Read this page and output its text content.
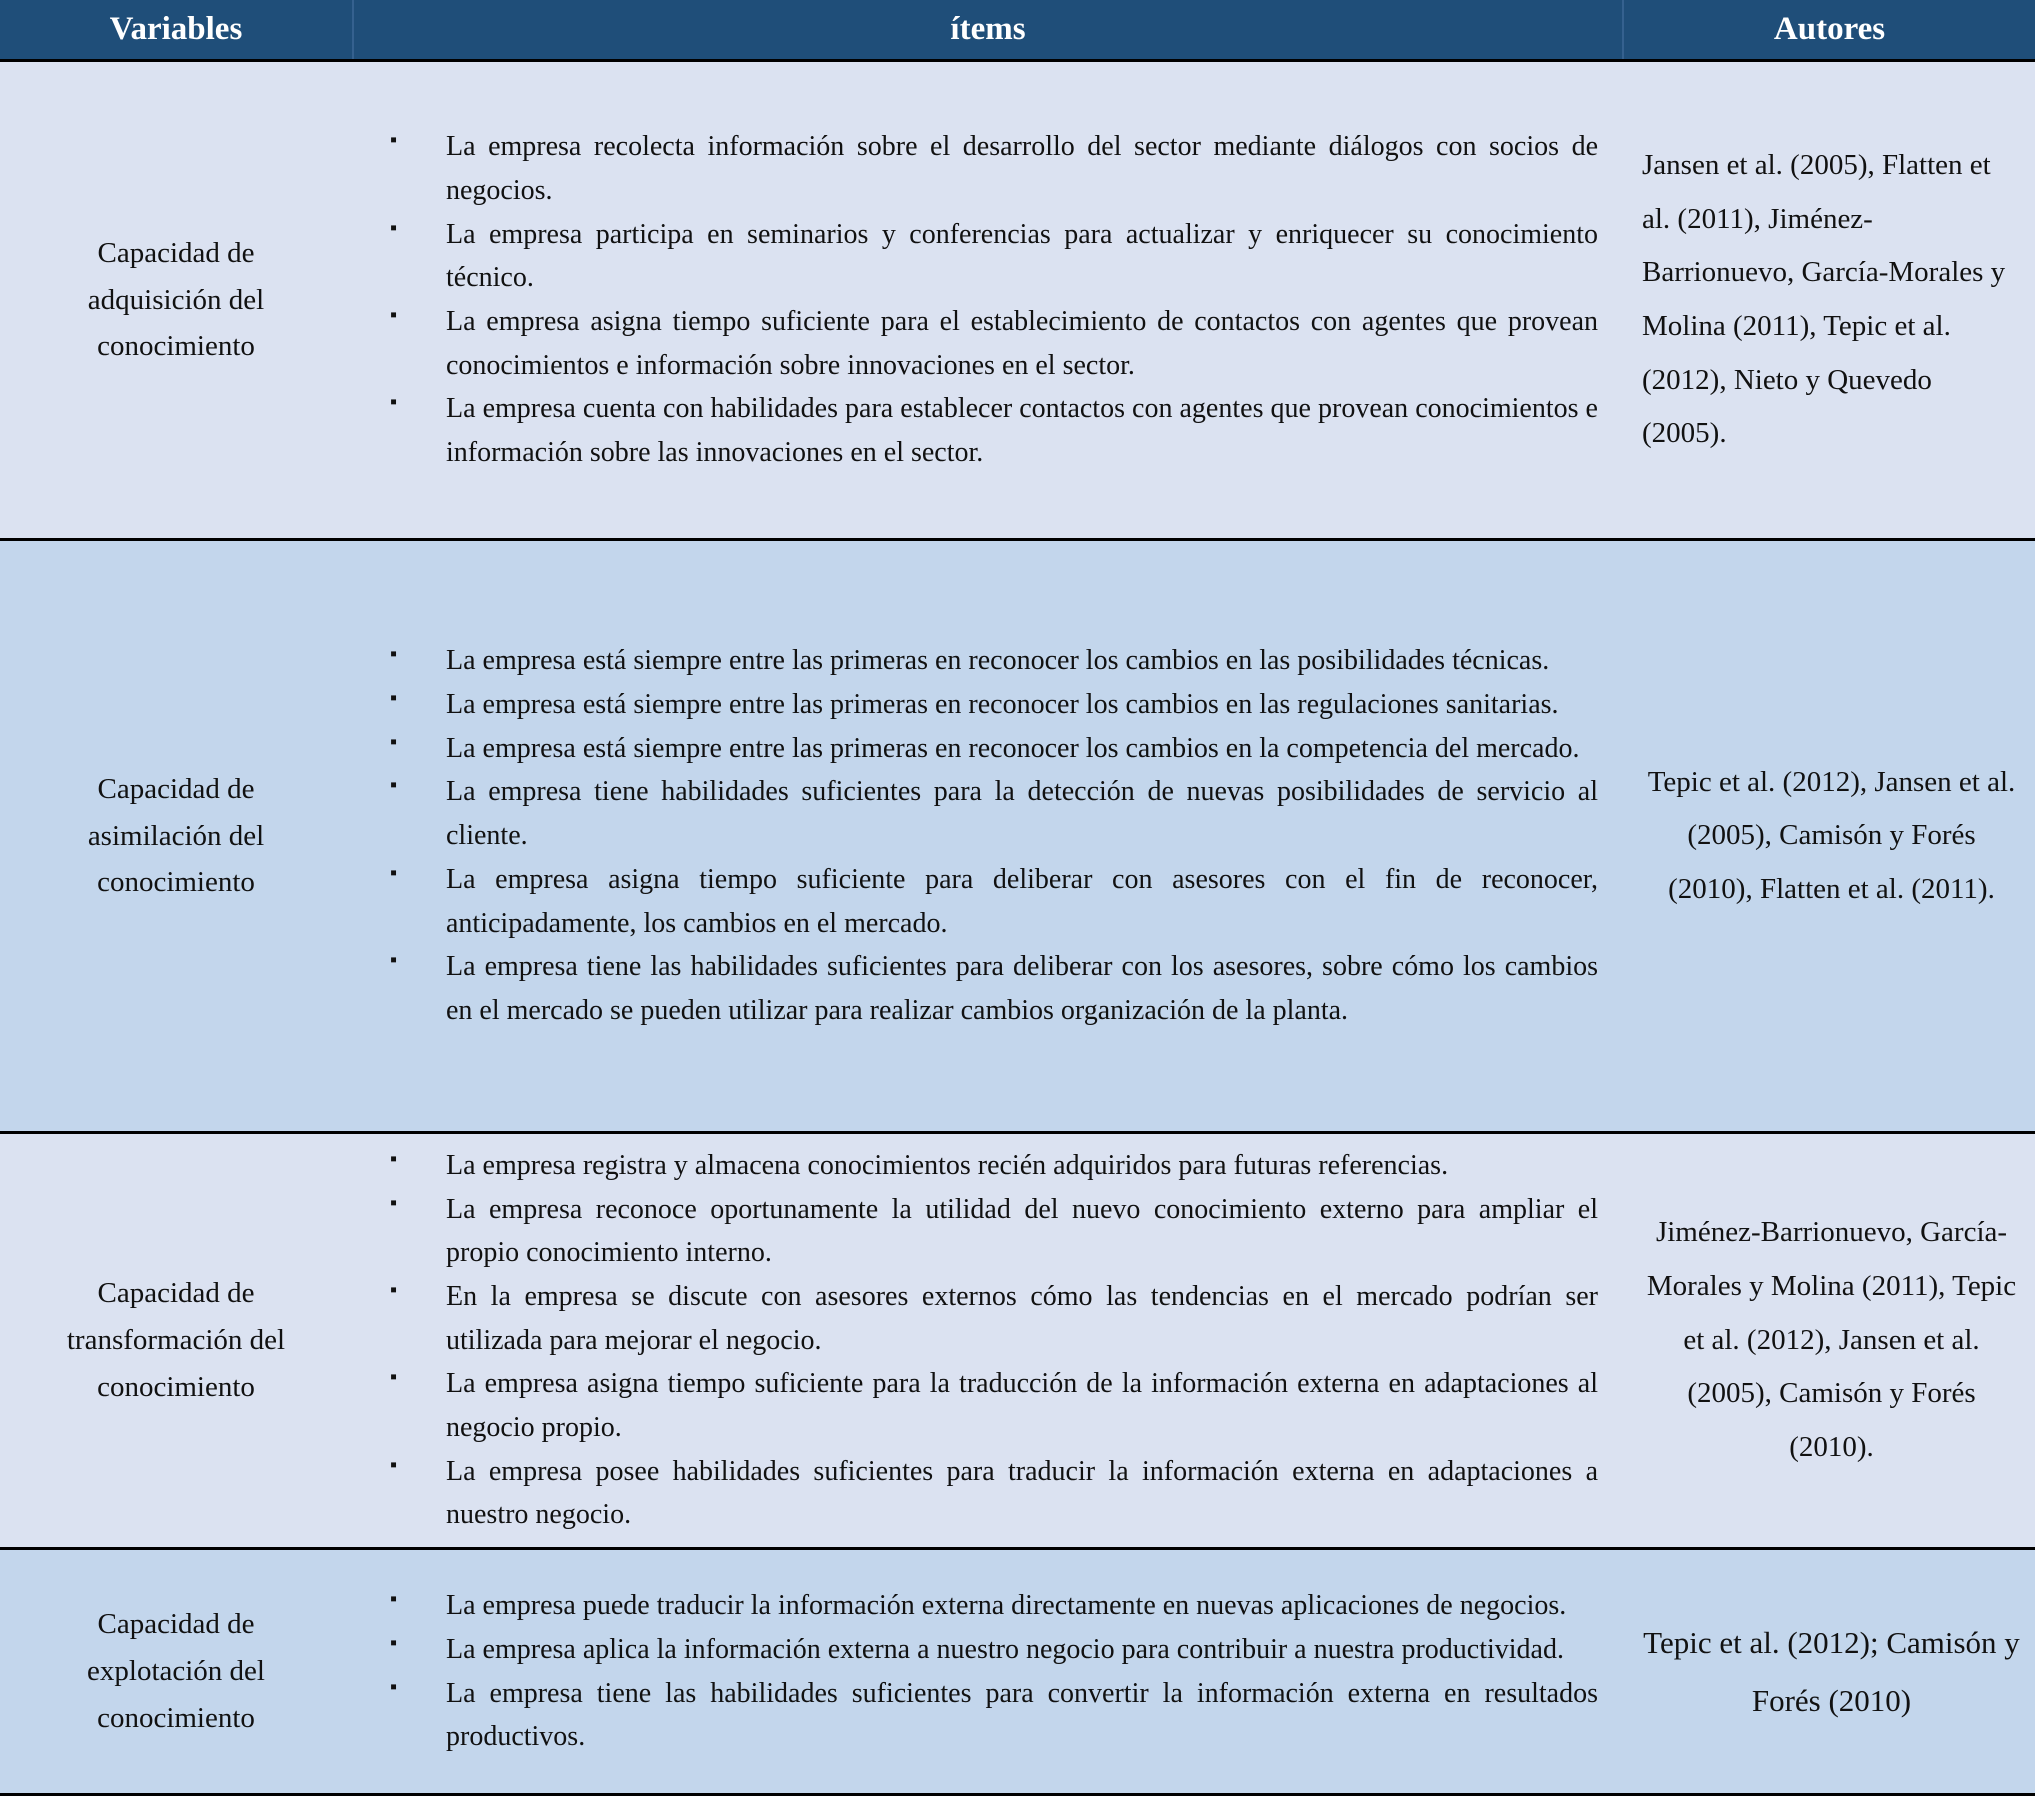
Variables	ítems	Autores
Capacidad de adquisición del conocimiento
▪ La empresa recolecta información sobre el desarrollo del sector mediante diálogos con socios de negocios.
▪ La empresa participa en seminarios y conferencias para actualizar y enriquecer su conocimiento técnico.
▪ La empresa asigna tiempo suficiente para el establecimiento de contactos con agentes que provean conocimientos e información sobre innovaciones en el sector.
▪ La empresa cuenta con habilidades para establecer contactos con agentes que provean conocimientos e información sobre las innovaciones en el sector.
Jansen et al. (2005), Flatten et al. (2011), Jiménez-Barrionuevo, García-Morales y Molina (2011), Tepic et al. (2012), Nieto y Quevedo (2005).
Capacidad de asimilación del conocimiento
▪ La empresa está siempre entre las primeras en reconocer los cambios en las posibilidades técnicas.
▪ La empresa está siempre entre las primeras en reconocer los cambios en las regulaciones sanitarias.
▪ La empresa está siempre entre las primeras en reconocer los cambios en la competencia del mercado.
▪ La empresa tiene habilidades suficientes para la detección de nuevas posibilidades de servicio al cliente.
▪ La empresa asigna tiempo suficiente para deliberar con asesores con el fin de reconocer, anticipadamente, los cambios en el mercado.
▪ La empresa tiene las habilidades suficientes para deliberar con los asesores, sobre cómo los cambios en el mercado se pueden utilizar para realizar cambios organización de la planta.
Tepic et al. (2012), Jansen et al. (2005), Camisón y Forés (2010), Flatten et al. (2011).
Capacidad de transformación del conocimiento
▪ La empresa registra y almacena conocimientos recién adquiridos para futuras referencias.
▪ La empresa reconoce oportunamente la utilidad del nuevo conocimiento externo para ampliar el propio conocimiento interno.
▪ En la empresa se discute con asesores externos cómo las tendencias en el mercado podrían ser utilizada para mejorar el negocio.
▪ La empresa asigna tiempo suficiente para la traducción de la información externa en adaptaciones al negocio propio.
▪ La empresa posee habilidades suficientes para traducir la información externa en adaptaciones a nuestro negocio.
Jiménez-Barrionuevo, García-Morales y Molina (2011), Tepic et al. (2012), Jansen et al. (2005), Camisón y Forés (2010).
Capacidad de explotación del conocimiento
▪ La empresa puede traducir la información externa directamente en nuevas aplicaciones de negocios.
▪ La empresa aplica la información externa a nuestro negocio para contribuir a nuestra productividad.
▪ La empresa tiene las habilidades suficientes para convertir la información externa en resultados productivos.
Tepic et al. (2012); Camisón y Forés (2010)
